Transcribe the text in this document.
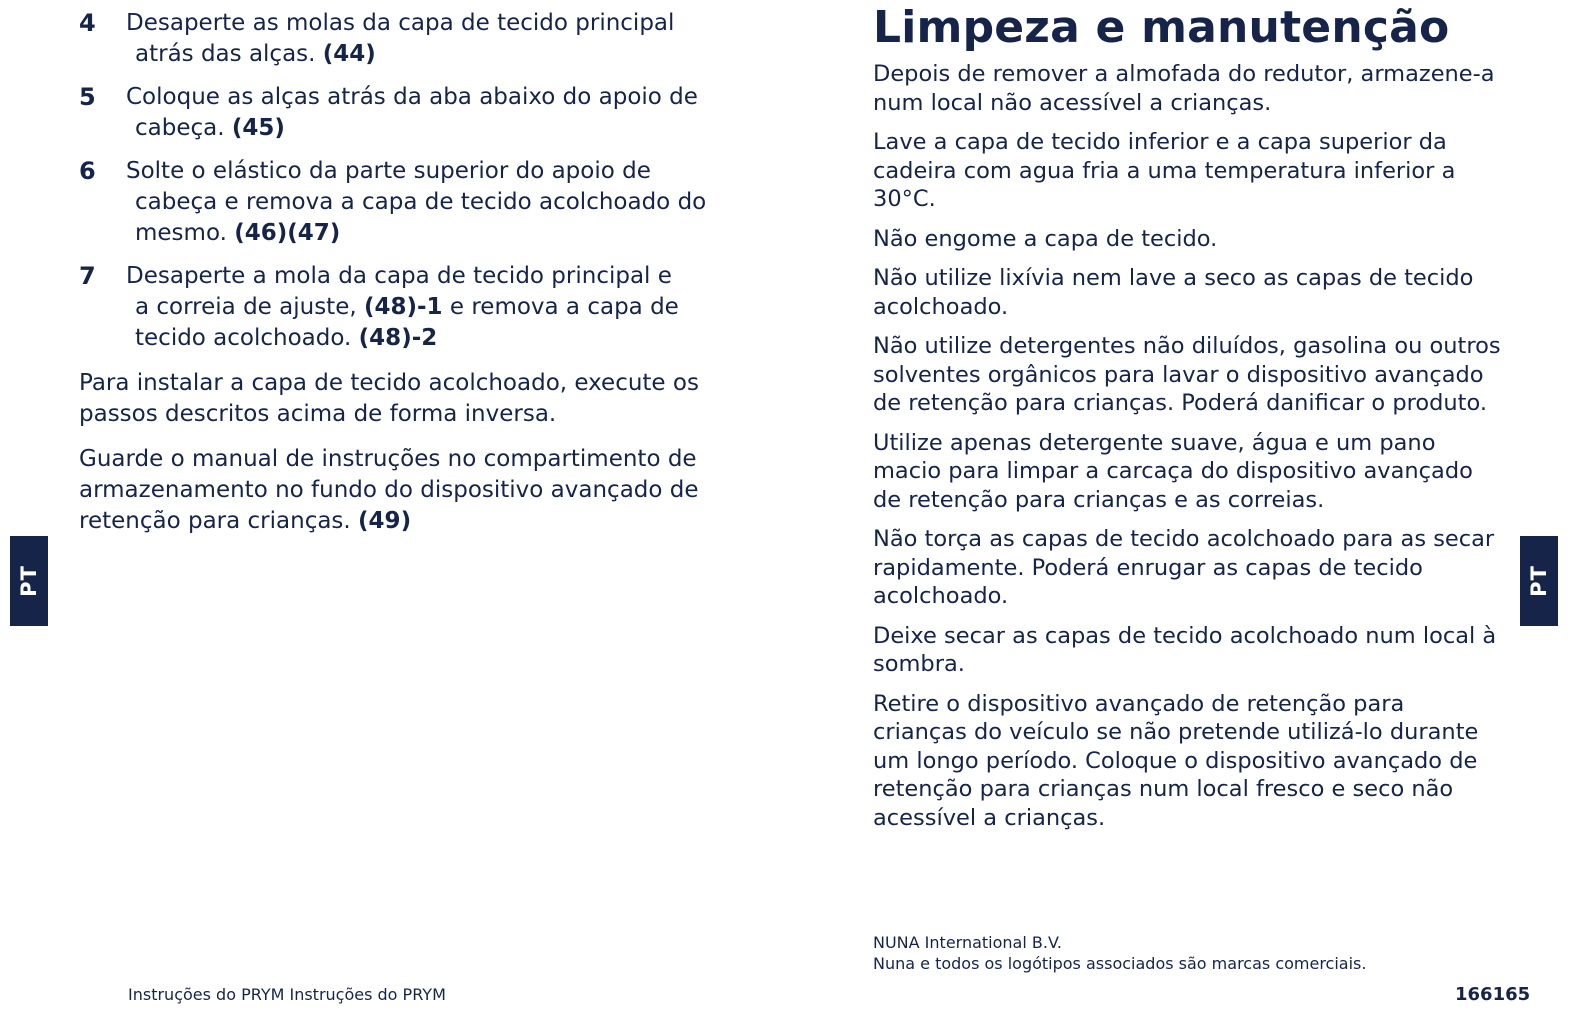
4 Desaperte as molas da capa de tecido principal
atrás das alças. (44)
5 Coloque as alças atrás da aba abaixo do apoio de
cabeça. (45)
6 Solte o elástico da parte superior do apoio de
cabeça e remova a capa de tecido acolchoado do
mesmo. (46)(47)
7 Desaperte a mola da capa de tecido principal e
a correia de ajuste, (48)-1 e remova a capa de
tecido acolchoado. (48)-2

Para instalar a capa de tecido acolchoado, execute os passos descritos acima de forma inversa.

Guarde o manual de instruções no compartimento de armazenamento no fundo do dispositivo avançado de retenção para crianças. (49)

PT
Instruções do PRYM Instruções do PRYM
Limpeza e manutenção

Depois de remover a almofada do redutor, armazene-a num local não acessível a crianças.

Lave a capa de tecido inferior e a capa superior da cadeira com agua fria a uma temperatura inferior a 30°C.

Não engome a capa de tecido.

Não utilize lixívia nem lave a seco as capas de tecido acolchoado.

Não utilize detergentes não diluídos, gasolina ou outros solventes orgânicos para lavar o dispositivo avançado de retenção para crianças. Poderá danificar o produto.

Utilize apenas detergente suave, água e um pano macio para limpar a carcaça do dispositivo avançado de retenção para crianças e as correias.

Não torça as capas de tecido acolchoado para as secar rapidamente. Poderá enrugar as capas de tecido acolchoado.

Deixe secar as capas de tecido acolchoado num local à sombra.

Retire o dispositivo avançado de retenção para crianças do veículo se não pretende utilizá-lo durante um longo período. Coloque o dispositivo avançado de retenção para crianças num local fresco e seco não acessível a crianças.

NUNA International B.V.
Nuna e todos os logótipos associados são marcas comerciais.
PT
166165
